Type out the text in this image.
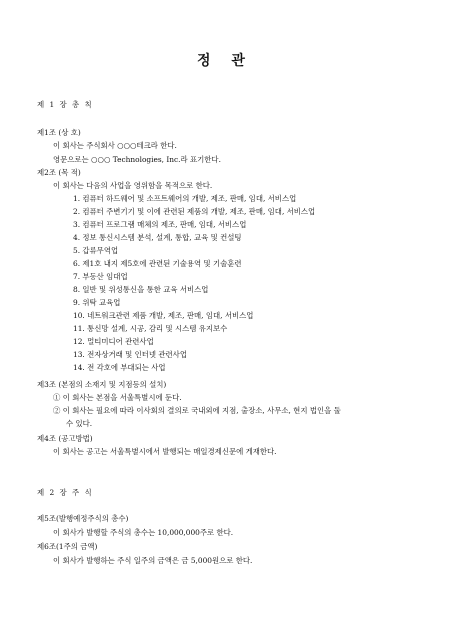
정 관
제 1 장 총 칙
제1조 (상 호)
이 회사는 주식회사 ○○○테크라 한다.
영문으로는 ○○○ Technologies, Inc.라 표기한다.
제2조 (목 적)
이 회사는 다음의 사업을 영위함을 목적으로 한다.
1. 컴퓨터 하드웨어 및 소프트웨어의 개발, 제조, 판매, 임대, 서비스업
2. 컴퓨터 주변기기 및 이에 관련된 제품의 개발, 제조, 판매, 임대, 서비스업
3. 컴퓨터 프로그램 매체의 제조, 판매, 임대, 서비스업
4. 정보 통신시스템 분석, 설계, 통합, 교육 및 컨설팅
5. 갑류무역업
6. 제1호 내지 제5호에 관련된 기술용역 및 기술훈련
7. 부동산 임대업
8. 일반 및 위성통신을 통한 교육 서비스업
9. 위탁 교육업
10. 네트워크관련 제품 개발, 제조, 판매, 임대, 서비스업
11. 통신망 설계, 시공, 감리 및 시스템 유지보수
12. 멀티미디어 관련사업
13. 전자상거래 및 인터넷 관련사업
14. 전 각호에 부대되는 사업
제3조 (본점의 소재지 및 지점등의 설치)
① 이 회사는 본점을 서울특별시에 둔다.
② 이 회사는 필요에 따라 이사회의 결의로 국내외에 지점, 출장소, 사무소, 현지 법인을 둘
수 있다.
제4조 (공고방법)
이 회사는 공고는 서울특별시에서 발행되는 매일경제신문에 게재한다.
제 2 장 주 식
제5조(발행예정주식의 총수)
이 회사가 발행할 주식의 총수는 10,000,000주로 한다.
제6조(1주의 금액)
이 회사가 발행하는 주식 일주의 금액은 금 5,000원으로 한다.
